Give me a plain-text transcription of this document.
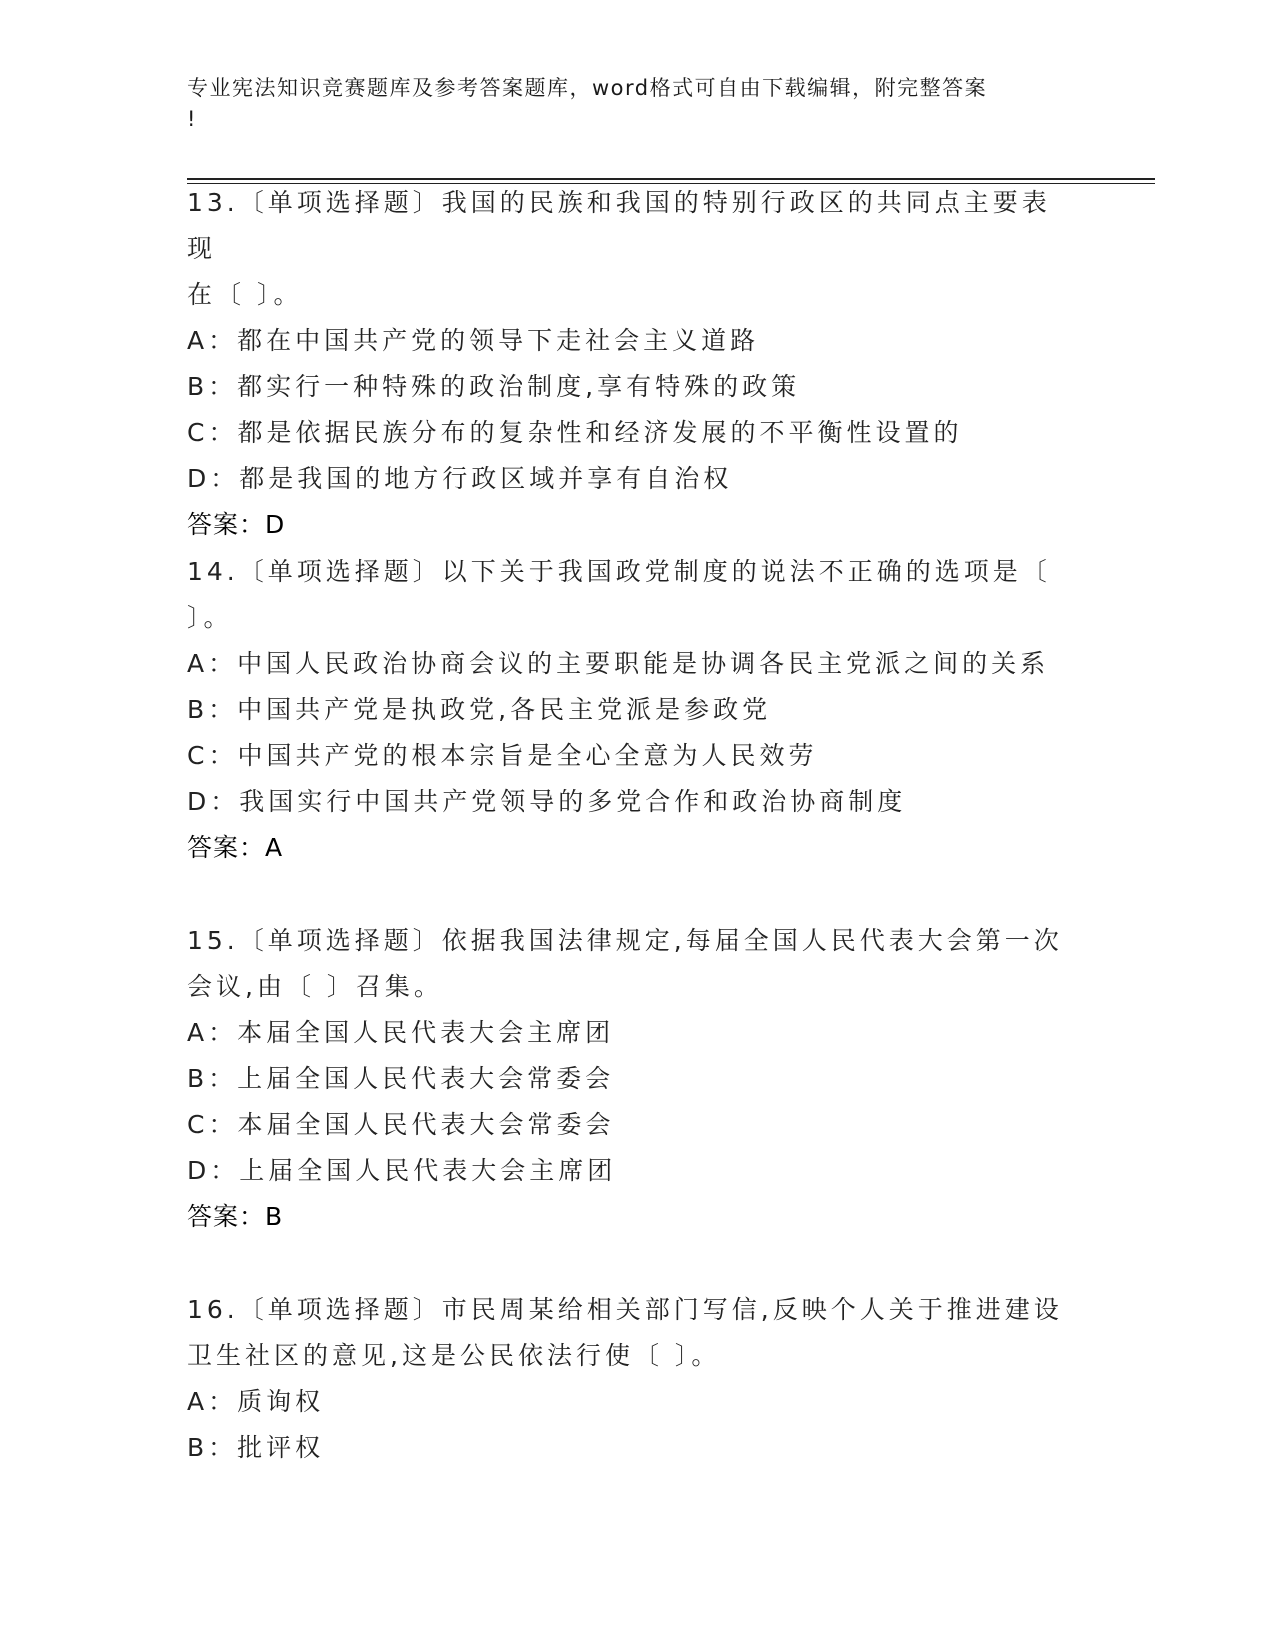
专业宪法知识竞赛题库及参考答案题库，word格式可自由下载编辑，附完整答案
!

13.〔单项选择题〕我国的民族和我国的特别行政区的共同点主要表现

在〔 〕。

A：都在中国共产党的领导下走社会主义道路

B：都实行一种特殊的政治制度,享有特殊的政策

C：都是依据民族分布的复杂性和经济发展的不平衡性设置的

D：都是我国的地方行政区域并享有自治权

答案：D

14.〔单项选择题〕以下关于我国政党制度的说法不正确的选项是〔

〕。

A：中国人民政治协商会议的主要职能是协调各民主党派之间的关系

B：中国共产党是执政党,各民主党派是参政党

C：中国共产党的根本宗旨是全心全意为人民效劳

D：我国实行中国共产党领导的多党合作和政治协商制度

答案：A

15.〔单项选择题〕依据我国法律规定,每届全国人民代表大会第一次

会议,由〔 〕召集。

A：本届全国人民代表大会主席团

B：上届全国人民代表大会常委会

C：本届全国人民代表大会常委会

D：上届全国人民代表大会主席团

答案：B

16.〔单项选择题〕市民周某给相关部门写信,反映个人关于推进建设

卫生社区的意见,这是公民依法行使〔 〕。

A：质询权

B：批评权
